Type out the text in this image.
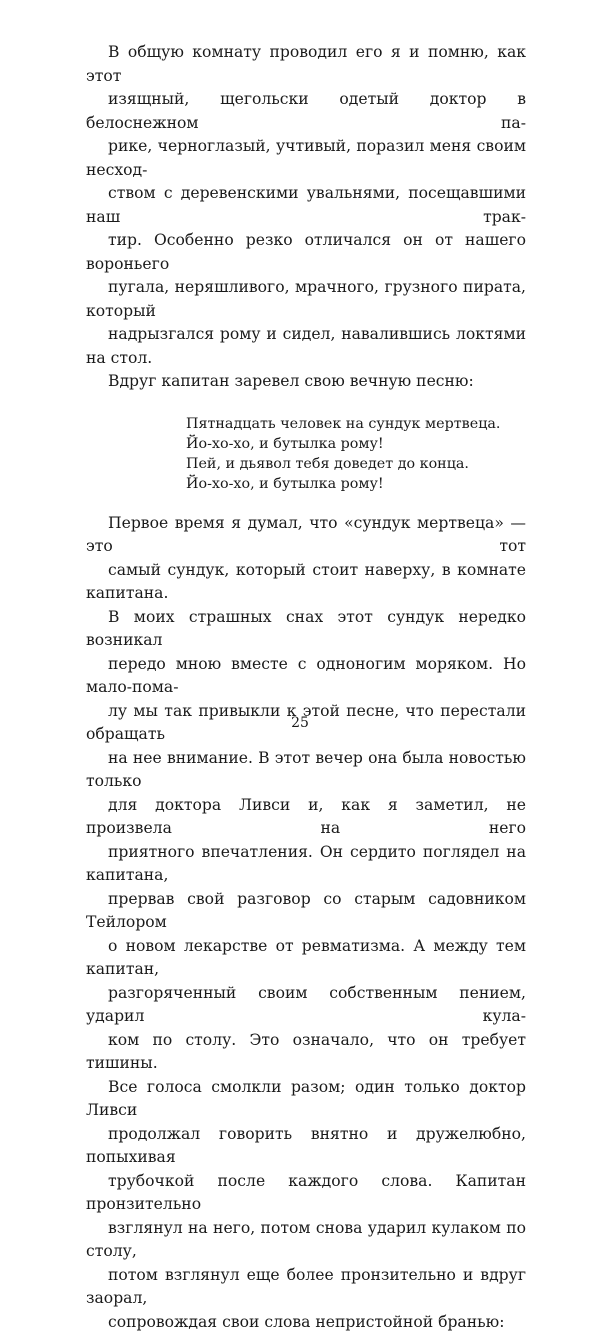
В общую комнату проводил его я и помню, как этот
изящный, щегольски одетый доктор в белоснежном па-
рике, черноглазый, учтивый, поразил меня своим несход-
ством с деревенскими увальнями, посещавшими наш трак-
тир. Особенно резко отличался он от нашего вороньего
пугала, неряшливого, мрачного, грузного пирата, который
надрызгался рому и сидел, навалившись локтями на стол.

Вдруг капитан заревел свою вечную песню:

Пятнадцать человек на сундук мертвеца.
Йо-хо-хо, и бутылка рому!
Пей, и дьявол тебя доведет до конца.
Йо-хо-хо, и бутылка рому!

Первое время я думал, что «сундук мертвеца» — это тот
самый сундук, который стоит наверху, в комнате капитана.

В моих страшных снах этот сундук нередко возникал
передо мною вместе с одноногим моряком. Но мало-пома-
лу мы так привыкли к этой песне, что перестали обращать
на нее внимание. В этот вечер она была новостью только
для доктора Ливси и, как я заметил, не произвела на него
приятного впечатления. Он сердито поглядел на капитана,
прервав свой разговор со старым садовником Тейлором
о новом лекарстве от ревматизма. А между тем капитан,
разгоряченный своим собственным пением, ударил кула-
ком по столу. Это означало, что он требует тишины.

Все голоса смолкли разом; один только доктор Ливси
продолжал говорить внятно и дружелюбно, попыхивая
трубочкой после каждого слова. Капитан пронзительно
взглянул на него, потом снова ударил кулаком по столу,
потом взглянул еще более пронзительно и вдруг заорал,
сопровождая свои слова непристойной бранью:

25
